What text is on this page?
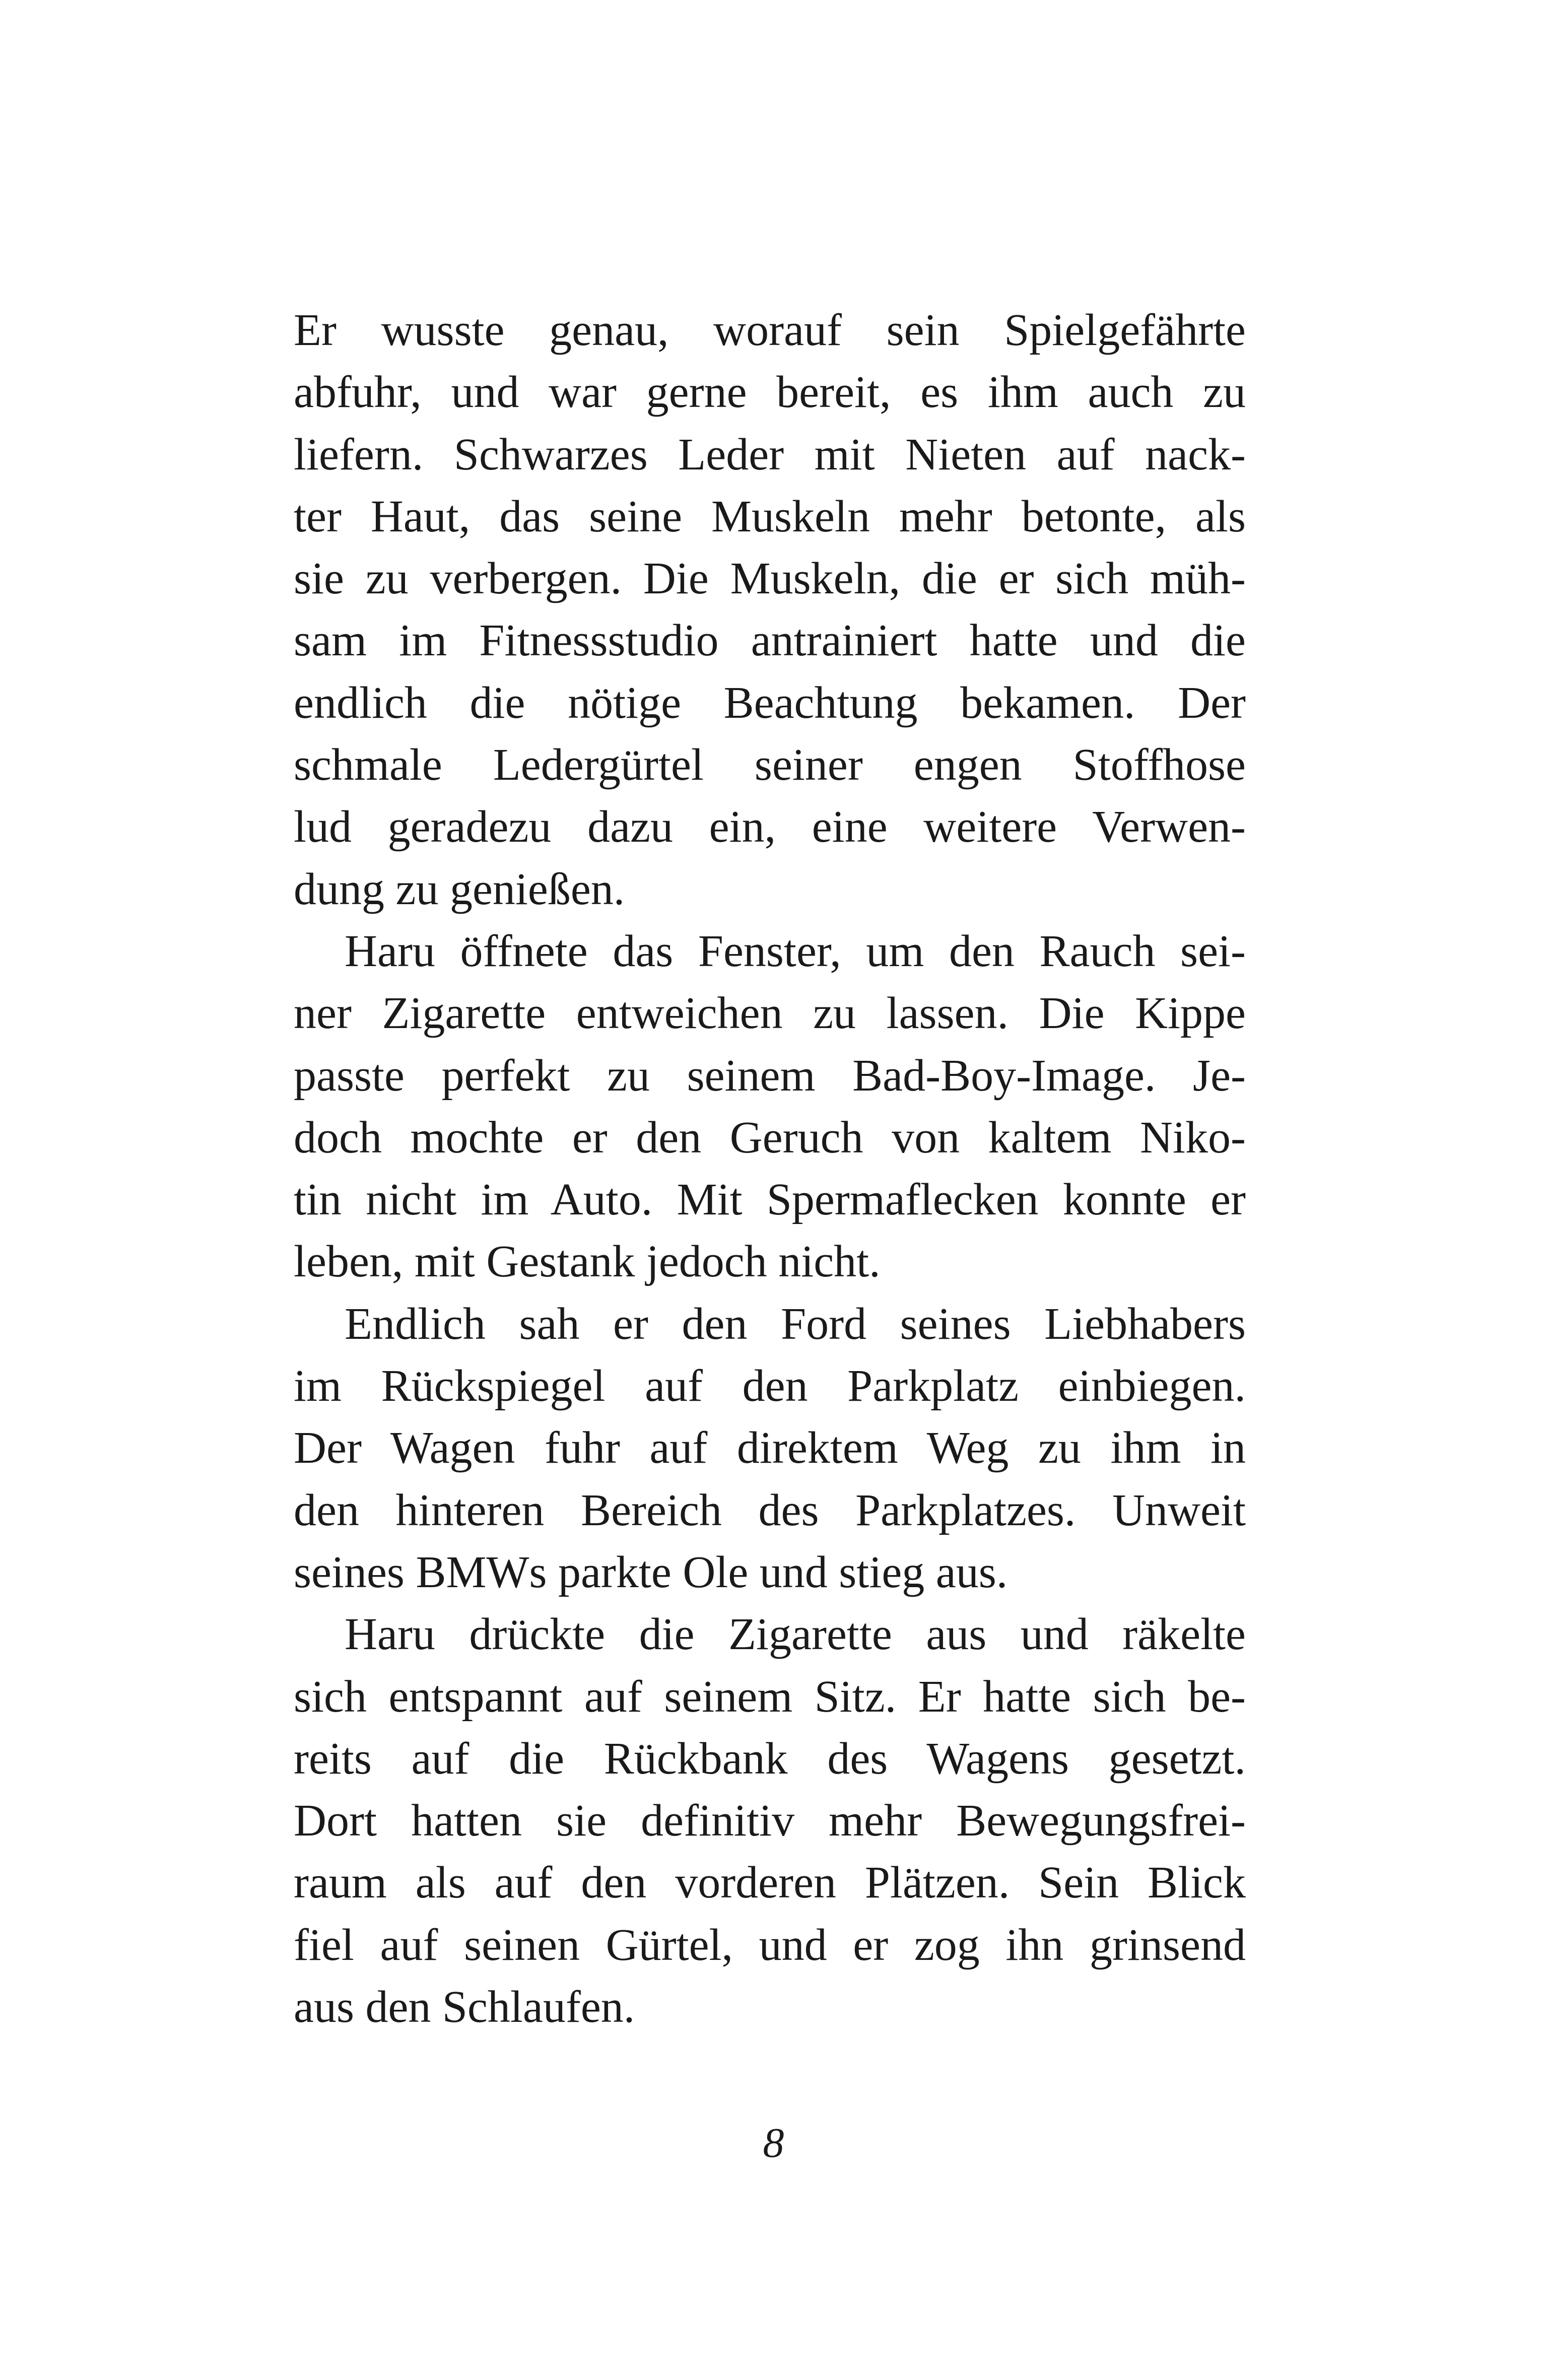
Er wusste genau, worauf sein Spielgefährte
abfuhr, und war gerne bereit, es ihm auch zu
liefern. Schwarzes Leder mit Nieten auf nack-
ter Haut, das seine Muskeln mehr betonte, als
sie zu verbergen. Die Muskeln, die er sich müh-
sam im Fitnessstudio antrainiert hatte und die
endlich die nötige Beachtung bekamen. Der
schmale Ledergürtel seiner engen Stoffhose
lud geradezu dazu ein, eine weitere Verwen-
dung zu genießen.
Haru öffnete das Fenster, um den Rauch sei-
ner Zigarette entweichen zu lassen. Die Kippe
passte perfekt zu seinem Bad-Boy-Image. Je-
doch mochte er den Geruch von kaltem Niko-
tin nicht im Auto. Mit Spermaflecken konnte er
leben, mit Gestank jedoch nicht.
Endlich sah er den Ford seines Liebhabers
im Rückspiegel auf den Parkplatz einbiegen.
Der Wagen fuhr auf direktem Weg zu ihm in
den hinteren Bereich des Parkplatzes. Unweit
seines BMWs parkte Ole und stieg aus.
Haru drückte die Zigarette aus und räkelte
sich entspannt auf seinem Sitz. Er hatte sich be-
reits auf die Rückbank des Wagens gesetzt.
Dort hatten sie definitiv mehr Bewegungsfrei-
raum als auf den vorderen Plätzen. Sein Blick
fiel auf seinen Gürtel, und er zog ihn grinsend
aus den Schlaufen.
8
